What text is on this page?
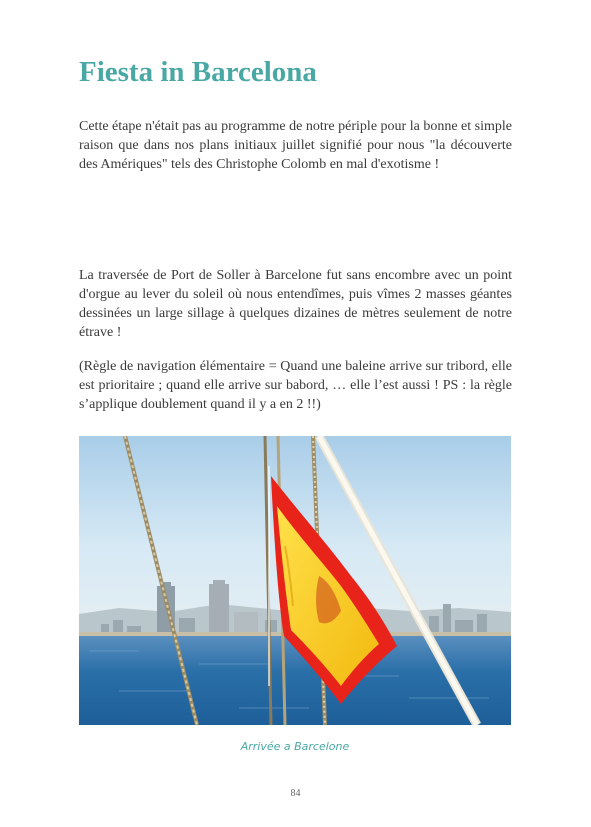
Fiesta in Barcelona

Cette étape n'était pas au programme de notre périple pour la bonne et simple raison que dans nos plans initiaux juillet signifié pour nous "la découverte des Amériques" tels des Christophe Colomb en mal d'exotisme !

La traversée de Port de Soller à Barcelone fut sans encombre avec un point d'orgue au lever du soleil où nous entendîmes, puis vîmes 2 masses géantes dessinées un large sillage à quelques dizaines de mètres seulement de notre étrave !

(Règle de navigation élémentaire = Quand une baleine arrive sur tribord, elle est prioritaire ; quand elle arrive sur babord, … elle l’est aussi ! PS : la règle s’applique doublement quand il y a en 2 !!)

Arrivée a Barcelone
84
